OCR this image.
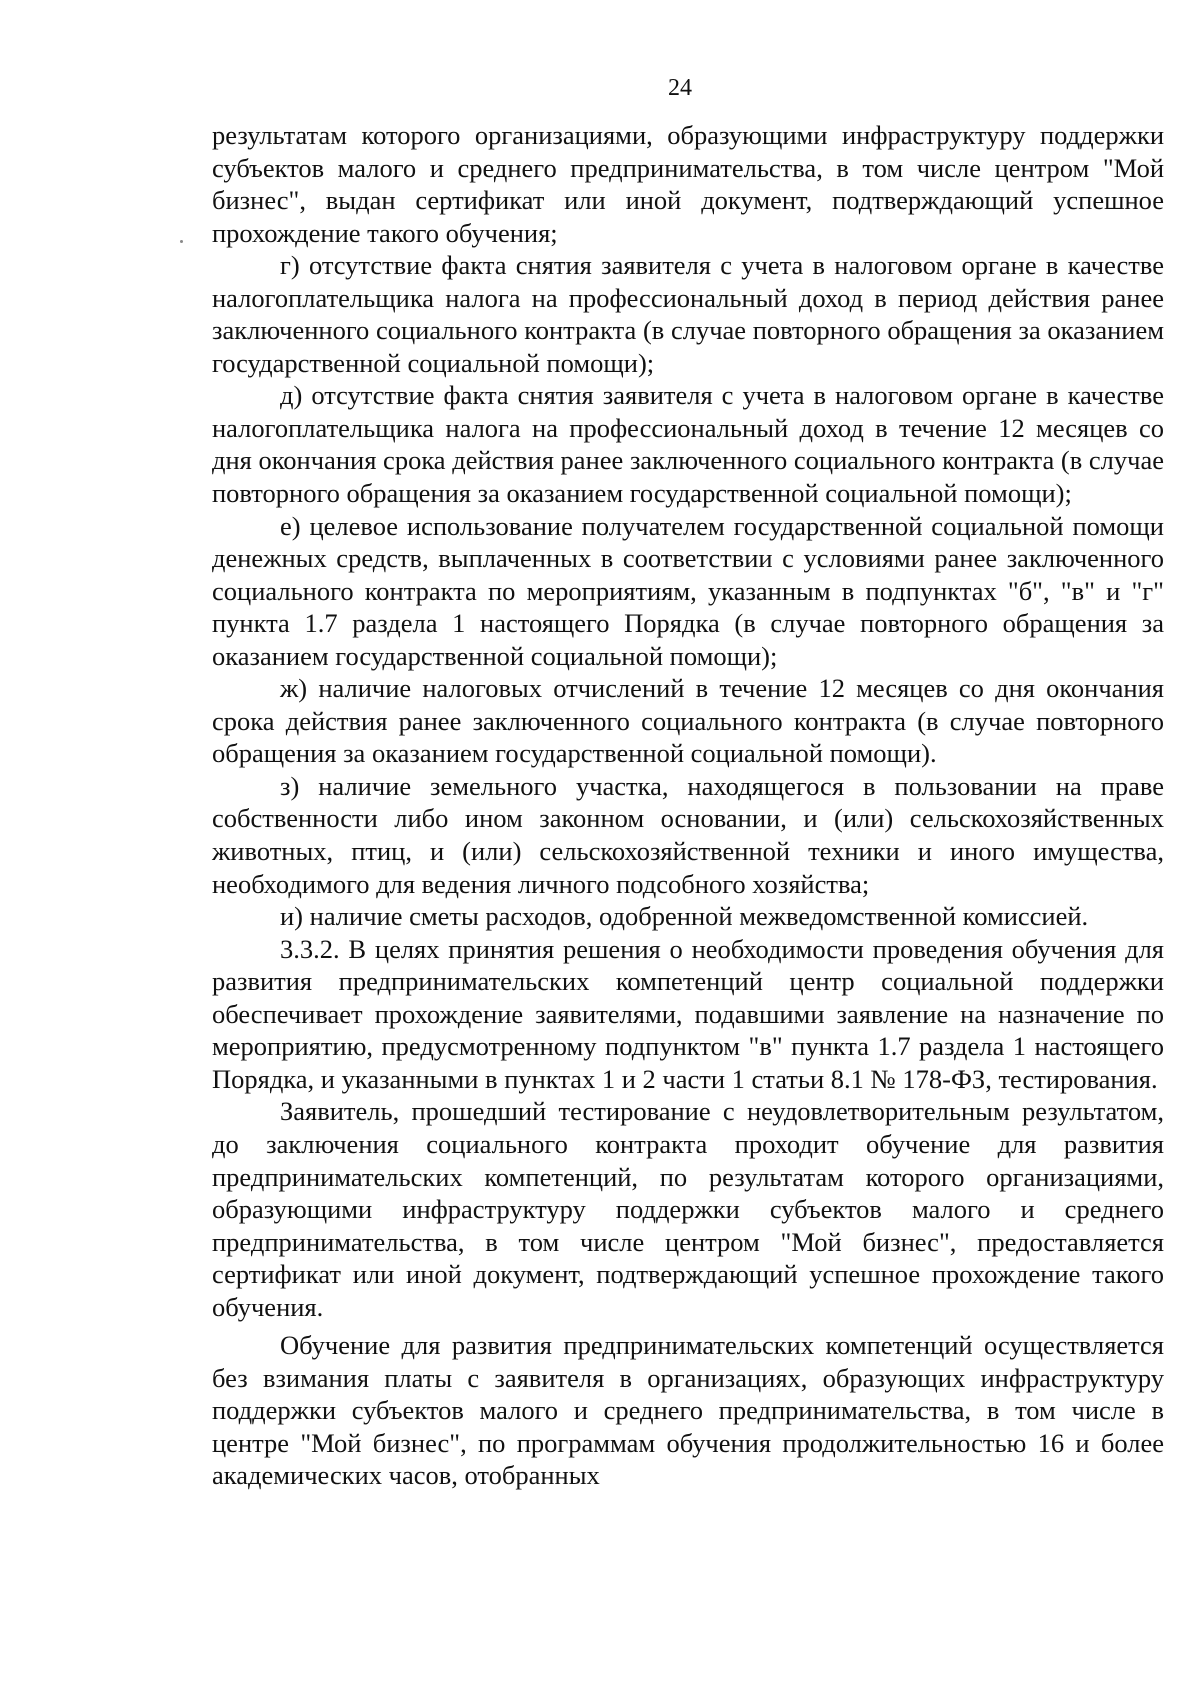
24

результатам которого организациями, образующими инфраструктуру поддержки субъектов малого и среднего предпринимательства, в том числе центром "Мой бизнес", выдан сертификат или иной документ, подтверждающий успешное прохождение такого обучения;

г) отсутствие факта снятия заявителя с учета в налоговом органе в качестве налогоплательщика налога на профессиональный доход в период действия ранее заключенного социального контракта (в случае повторного обращения за оказанием государственной социальной помощи);

д) отсутствие факта снятия заявителя с учета в налоговом органе в качестве налогоплательщика налога на профессиональный доход в течение 12 месяцев со дня окончания срока действия ранее заключенного социального контракта (в случае повторного обращения за оказанием государственной социальной помощи);

е) целевое использование получателем государственной социальной помощи денежных средств, выплаченных в соответствии с условиями ранее заключенного социального контракта по мероприятиям, указанным в подпунктах "б", "в" и "г" пункта 1.7 раздела 1 настоящего Порядка (в случае повторного обращения за оказанием государственной социальной помощи);

ж) наличие налоговых отчислений в течение 12 месяцев со дня окончания срока действия ранее заключенного социального контракта (в случае повторного обращения за оказанием государственной социальной помощи).

з) наличие земельного участка, находящегося в пользовании на праве собственности либо ином законном основании, и (или) сельскохозяйственных животных, птиц, и (или) сельскохозяйственной техники и иного имущества, необходимого для ведения личного подсобного хозяйства;

и) наличие сметы расходов, одобренной межведомственной комиссией.

3.3.2. В целях принятия решения о необходимости проведения обучения для развития предпринимательских компетенций центр социальной поддержки обеспечивает прохождение заявителями, подавшими заявление на назначение по мероприятию, предусмотренному подпунктом "в" пункта 1.7 раздела 1 настоящего Порядка, и указанными в пунктах 1 и 2 части 1 статьи 8.1 № 178-ФЗ, тестирования.

Заявитель, прошедший тестирование с неудовлетворительным результатом, до заключения социального контракта проходит обучение для развития предпринимательских компетенций, по результатам которого организациями, образующими инфраструктуру поддержки субъектов малого и среднего предпринимательства, в том числе центром "Мой бизнес", предоставляется сертификат или иной документ, подтверждающий успешное прохождение такого обучения.

Обучение для развития предпринимательских компетенций осуществляется без взимания платы с заявителя в организациях, образующих инфраструктуру поддержки субъектов малого и среднего предпринимательства, в том числе в центре "Мой бизнес", по программам обучения продолжительностью 16 и более академических часов, отобранных
